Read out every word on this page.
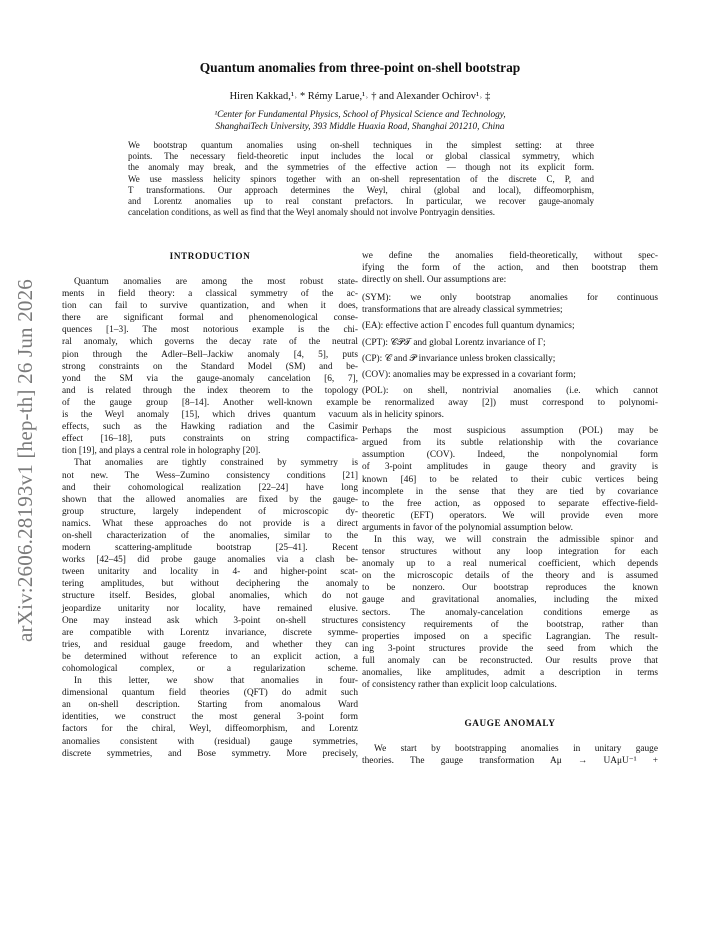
arXiv:2606.28193v1 [hep-th] 26 Jun 2026
Quantum anomalies from three-point on-shell bootstrap
Hiren Kakkad,¹˒ * Rémy Larue,¹˒ † and Alexander Ochirov¹˒ ‡
¹Center for Fundamental Physics, School of Physical Science and Technology,
ShanghaiTech University, 393 Middle Huaxia Road, Shanghai 201210, China
We bootstrap quantum anomalies using on-shell techniques in the simplest setting: at three
points. The necessary field-theoretic input includes the local or global classical symmetry, which
the anomaly may break, and the symmetries of the effective action — though not its explicit form.
We use massless helicity spinors together with an on-shell representation of the discrete C, P, and
T transformations. Our approach determines the Weyl, chiral (global and local), diffeomorphism,
and Lorentz anomalies up to real constant prefactors. In particular, we recover gauge-anomaly
cancelation conditions, as well as find that the Weyl anomaly should not involve Pontryagin densities.
INTRODUCTION
Quantum anomalies are among the most robust state-
ments in field theory: a classical symmetry of the ac-
tion can fail to survive quantization, and when it does,
there are significant formal and phenomenological conse-
quences [1–3]. The most notorious example is the chi-
ral anomaly, which governs the decay rate of the neutral
pion through the Adler–Bell–Jackiw anomaly [4, 5], puts
strong constraints on the Standard Model (SM) and be-
yond the SM via the gauge-anomaly cancelation [6, 7],
and is related through the index theorem to the topology
of the gauge group [8–14]. Another well-known example
is the Weyl anomaly [15], which drives quantum vacuum
effects, such as the Hawking radiation and the Casimir
effect [16–18], puts constraints on string compactifica-
tion [19], and plays a central role in holography [20].
That anomalies are tightly constrained by symmetry is
not new. The Wess–Zumino consistency conditions [21]
and their cohomological realization [22–24] have long
shown that the allowed anomalies are fixed by the gauge-
group structure, largely independent of microscopic dy-
namics. What these approaches do not provide is a direct
on-shell characterization of the anomalies, similar to the
modern scattering-amplitude bootstrap [25–41]. Recent
works [42–45] did probe gauge anomalies via a clash be-
tween unitarity and locality in 4- and higher-point scat-
tering amplitudes, but without deciphering the anomaly
structure itself. Besides, global anomalies, which do not
jeopardize unitarity nor locality, have remained elusive.
One may instead ask which 3-point on-shell structures
are compatible with Lorentz invariance, discrete symme-
tries, and residual gauge freedom, and whether they can
be determined without reference to an explicit action, a
cohomological complex, or a regularization scheme.
In this letter, we show that anomalies in four-
dimensional quantum field theories (QFT) do admit such
an on-shell description. Starting from anomalous Ward
identities, we construct the most general 3-point form
factors for the chiral, Weyl, diffeomorphism, and Lorentz
anomalies consistent with (residual) gauge symmetries,
discrete symmetries, and Bose symmetry. More precisely,
we define the anomalies field-theoretically, without spec-
ifying the form of the action, and then bootstrap them
directly on shell. Our assumptions are:
(SYM): we only bootstrap anomalies for continuous
transformations that are already classical symmetries;
(EA): effective action Γ encodes full quantum dynamics;
(CPT): 𝒞𝒫𝒯 and global Lorentz invariance of Γ;
(CP): 𝒞 and 𝒫 invariance unless broken classically;
(COV): anomalies may be expressed in a covariant form;
(POL): on shell, nontrivial anomalies (i.e. which cannot
be renormalized away [2]) must correspond to polynomi-
als in helicity spinors.
Perhaps the most suspicious assumption (POL) may be
argued from its subtle relationship with the covariance
assumption (COV). Indeed, the nonpolynomial form
of 3-point amplitudes in gauge theory and gravity is
known [46] to be related to their cubic vertices being
incomplete in the sense that they are tied by covariance
to the free action, as opposed to separate effective-field-
theoretic (EFT) operators. We will provide even more
arguments in favor of the polynomial assumption below.
In this way, we will constrain the admissible spinor and
tensor structures without any loop integration for each
anomaly up to a real numerical coefficient, which depends
on the microscopic details of the theory and is assumed
to be nonzero. Our bootstrap reproduces the known
gauge and gravitational anomalies, including the mixed
sectors. The anomaly-cancelation conditions emerge as
consistency requirements of the bootstrap, rather than
properties imposed on a specific Lagrangian. The result-
ing 3-point structures provide the seed from which the
full anomaly can be reconstructed. Our results prove that
anomalies, like amplitudes, admit a description in terms
of consistency rather than explicit loop calculations.
GAUGE ANOMALY
We start by bootstrapping anomalies in unitary gauge
theories. The gauge transformation Aμ → UAμU⁻¹ +
